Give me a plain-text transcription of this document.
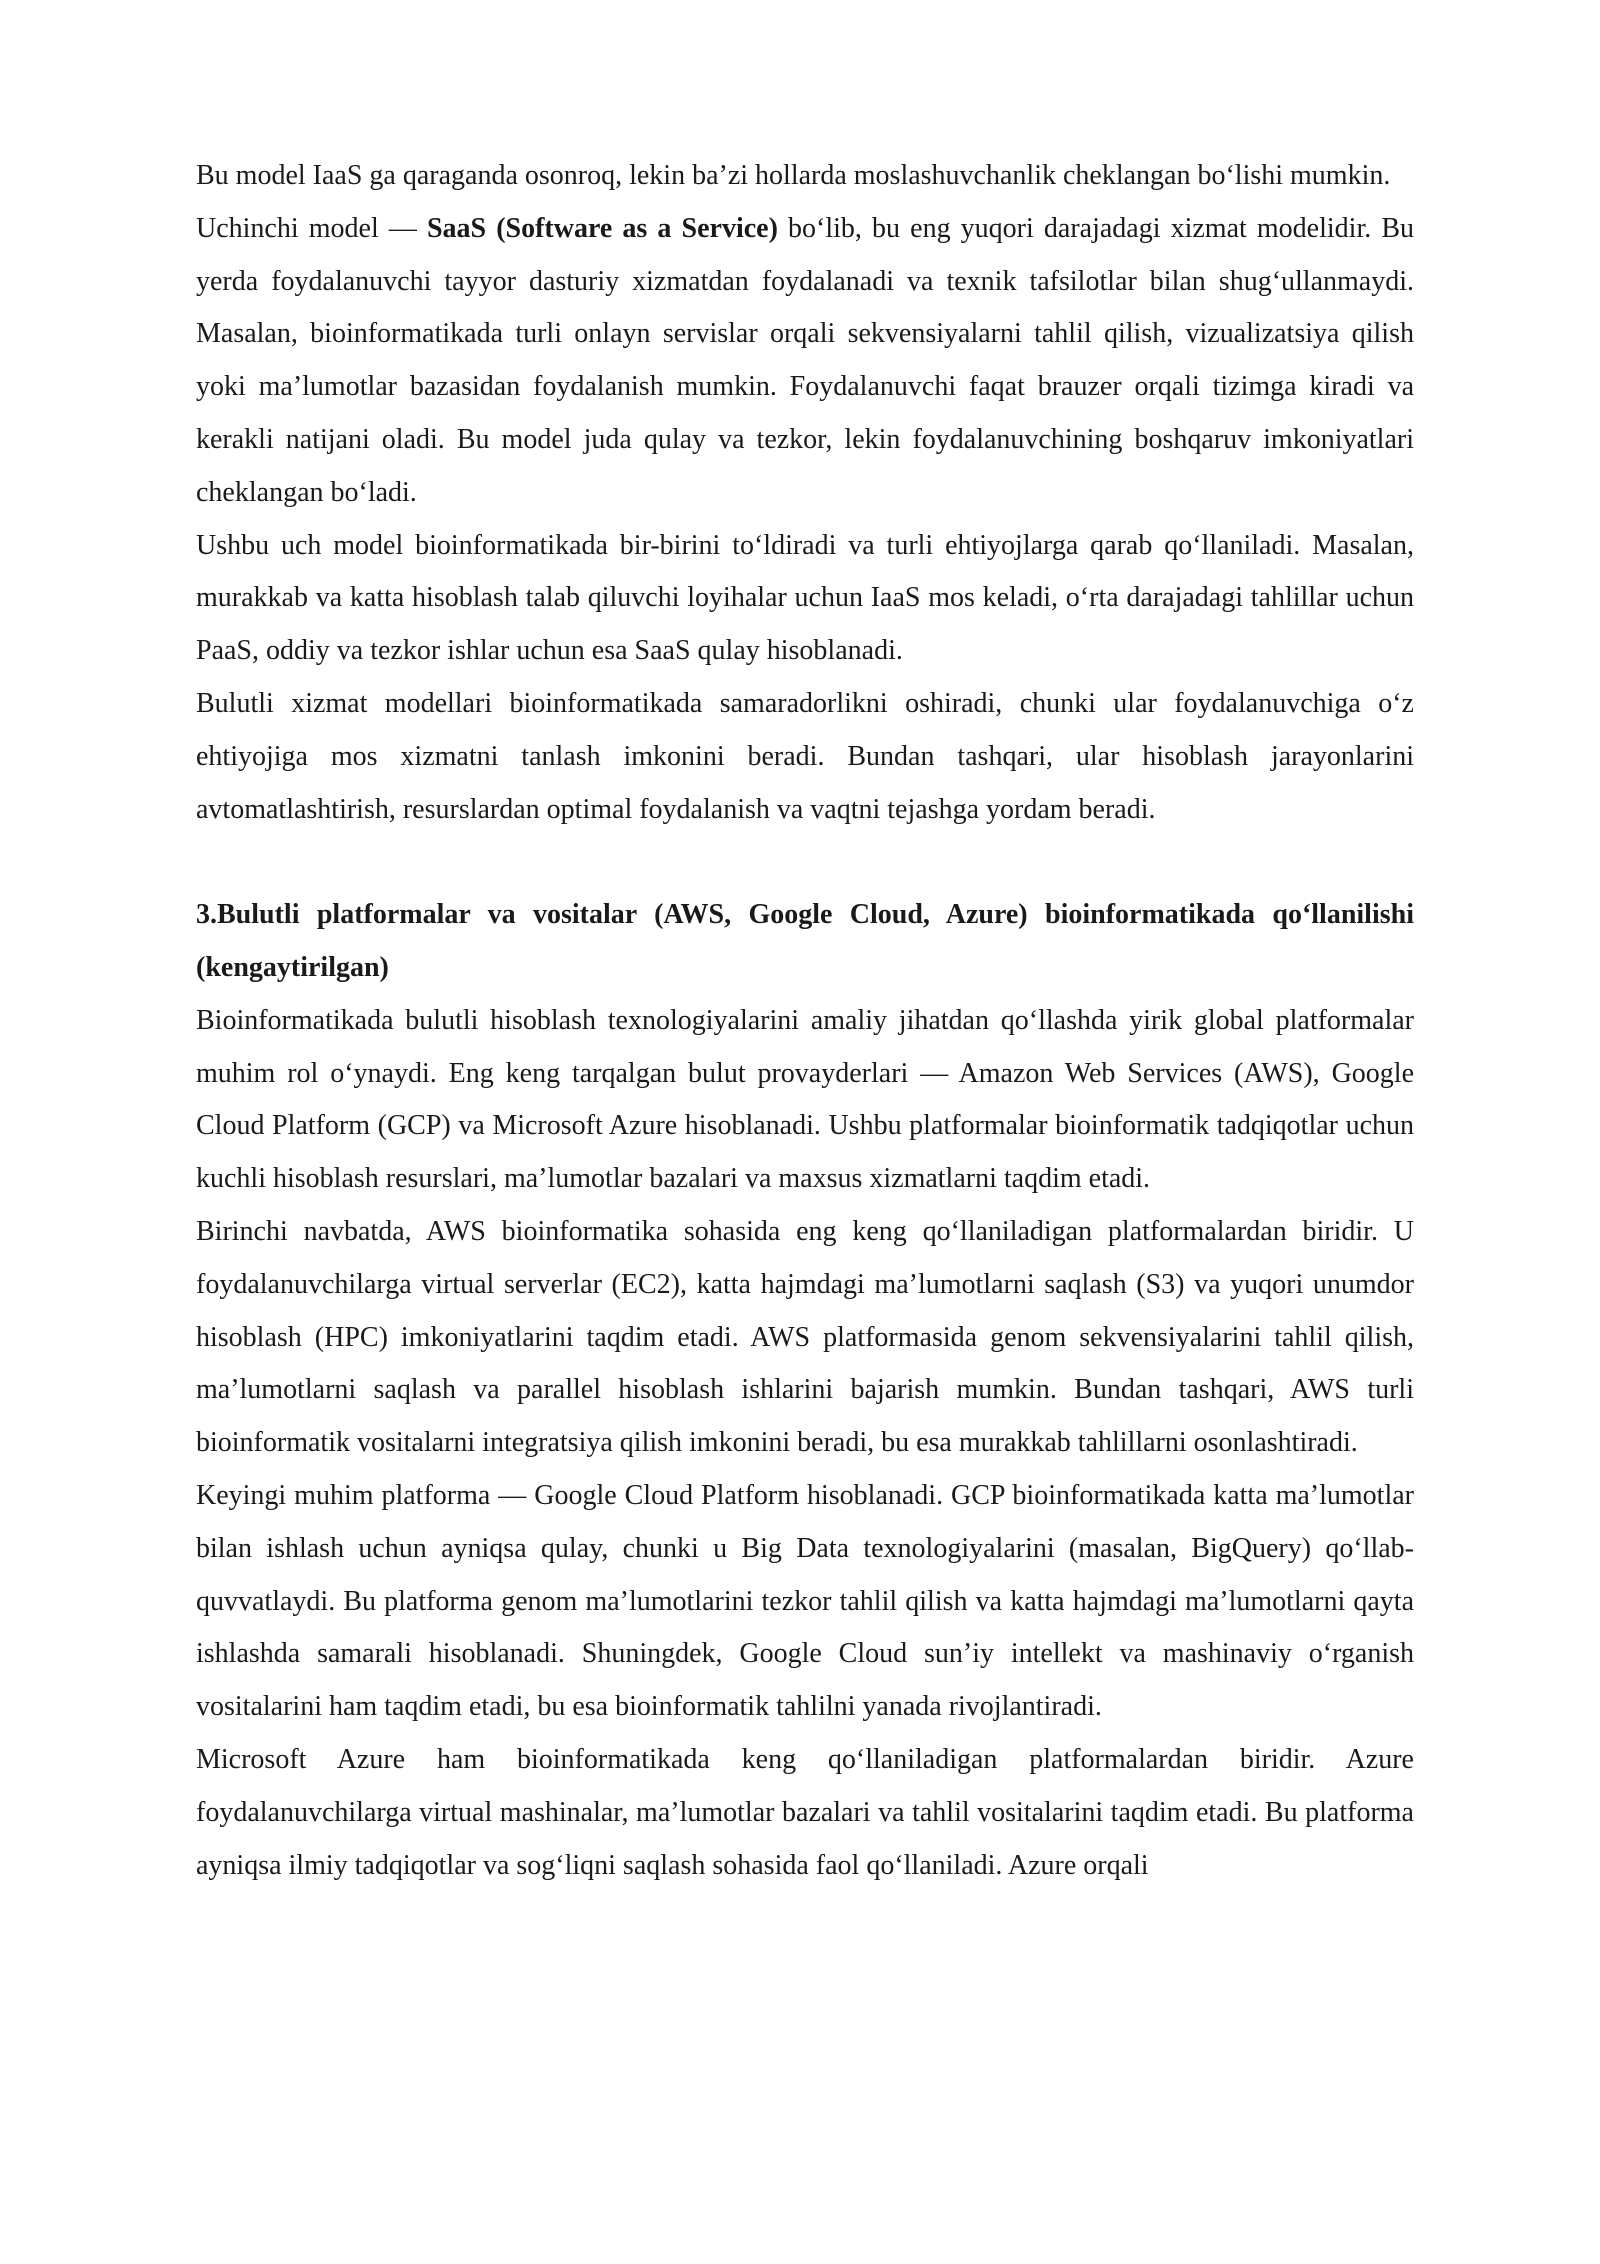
Bu model IaaS ga qaraganda osonroq, lekin ba’zi hollarda moslashuvchanlik cheklangan bo‘lishi mumkin.

Uchinchi model — SaaS (Software as a Service) bo‘lib, bu eng yuqori darajadagi xizmat modelidir. Bu yerda foydalanuvchi tayyor dasturiy xizmatdan foydalanadi va texnik tafsilotlar bilan shug‘ullanmaydi. Masalan, bioinformatikada turli onlayn servislar orqali sekvensiyalarni tahlil qilish, vizualizatsiya qilish yoki ma’lumotlar bazasidan foydalanish mumkin. Foydalanuvchi faqat brauzer orqali tizimga kiradi va kerakli natijani oladi. Bu model juda qulay va tezkor, lekin foydalanuvchining boshqaruv imkoniyatlari cheklangan bo‘ladi.

Ushbu uch model bioinformatikada bir-birini to‘ldiradi va turli ehtiyojlarga qarab qo‘llaniladi. Masalan, murakkab va katta hisoblash talab qiluvchi loyihalar uchun IaaS mos keladi, o‘rta darajadagi tahlillar uchun PaaS, oddiy va tezkor ishlar uchun esa SaaS qulay hisoblanadi.

Bulutli xizmat modellari bioinformatikada samaradorlikni oshiradi, chunki ular foydalanuvchiga o‘z ehtiyojiga mos xizmatni tanlash imkonini beradi. Bundan tashqari, ular hisoblash jarayonlarini avtomatlashtirish, resurslardan optimal foydalanish va vaqtni tejashga yordam beradi.

3.Bulutli platformalar va vositalar (AWS, Google Cloud, Azure) bioinformatikada qo‘llanilishi (kengaytirilgan)

Bioinformatikada bulutli hisoblash texnologiyalarini amaliy jihatdan qo‘llashda yirik global platformalar muhim rol o‘ynaydi. Eng keng tarqalgan bulut provayderlari — Amazon Web Services (AWS), Google Cloud Platform (GCP) va Microsoft Azure hisoblanadi. Ushbu platformalar bioinformatik tadqiqotlar uchun kuchli hisoblash resurslari, ma’lumotlar bazalari va maxsus xizmatlarni taqdim etadi.

Birinchi navbatda, AWS bioinformatika sohasida eng keng qo‘llaniladigan platformalardan biridir. U foydalanuvchilarga virtual serverlar (EC2), katta hajmdagi ma’lumotlarni saqlash (S3) va yuqori unumdor hisoblash (HPC) imkoniyatlarini taqdim etadi. AWS platformasida genom sekvensiyalarini tahlil qilish, ma’lumotlarni saqlash va parallel hisoblash ishlarini bajarish mumkin. Bundan tashqari, AWS turli bioinformatik vositalarni integratsiya qilish imkonini beradi, bu esa murakkab tahlillarni osonlashtiradi.

Keyingi muhim platforma — Google Cloud Platform hisoblanadi. GCP bioinformatikada katta ma’lumotlar bilan ishlash uchun ayniqsa qulay, chunki u Big Data texnologiyalarini (masalan, BigQuery) qo‘llab-quvvatlaydi. Bu platforma genom ma’lumotlarini tezkor tahlil qilish va katta hajmdagi ma’lumotlarni qayta ishlashda samarali hisoblanadi. Shuningdek, Google Cloud sun’iy intellekt va mashinaviy o‘rganish vositalarini ham taqdim etadi, bu esa bioinformatik tahlilni yanada rivojlantiradi.

Microsoft Azure ham bioinformatikada keng qo‘llaniladigan platformalardan biridir. Azure foydalanuvchilarga virtual mashinalar, ma’lumotlar bazalari va tahlil vositalarini taqdim etadi. Bu platforma ayniqsa ilmiy tadqiqotlar va sog‘liqni saqlash sohasida faol qo‘llaniladi. Azure orqali
